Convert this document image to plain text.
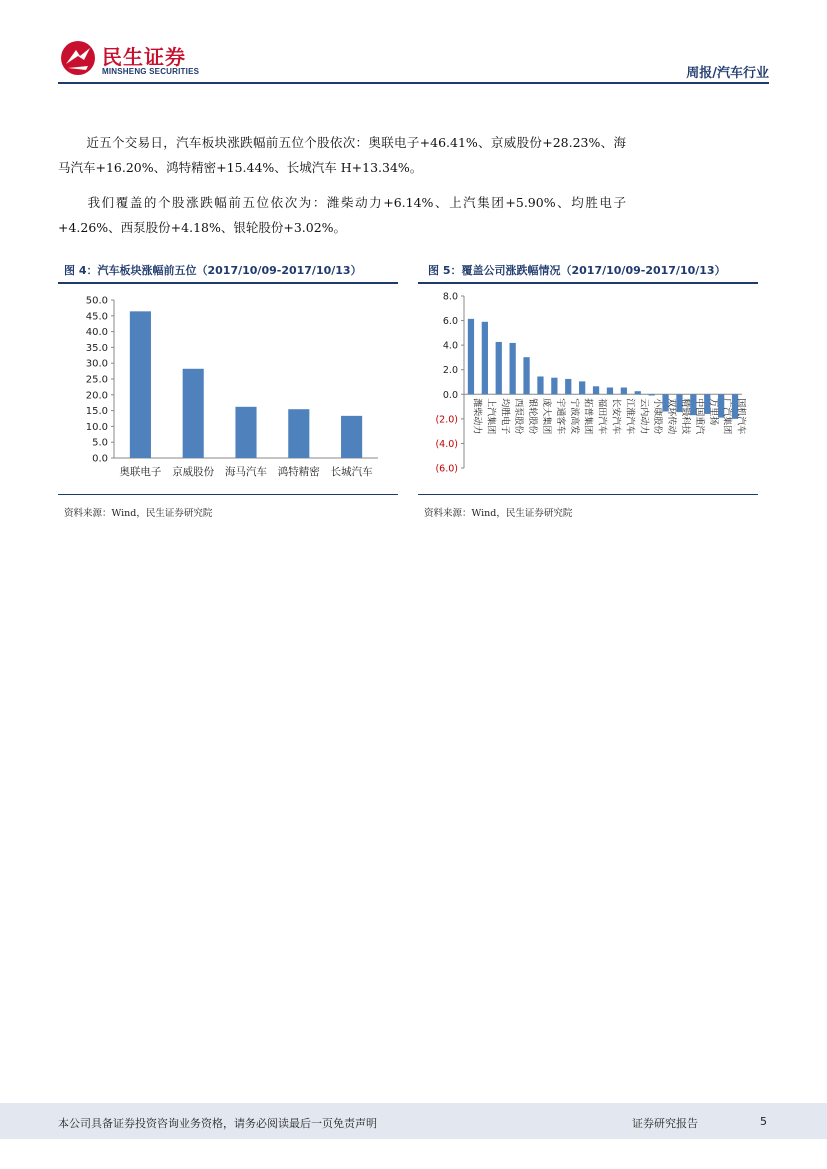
民生证券
MINSHENG SECURITIES	周报/汽车行业
近五个交易日，汽车板块涨跌幅前五位个股依次：奥联电子+46.41%、京威股份+28.23%、海马汽车+16.20%、鸿特精密+15.44%、长城汽车 H+13.34%。
我们覆盖的个股涨跌幅前五位依次为：潍柴动力+6.14%、上汽集团+5.90%、均胜电子+4.26%、西泵股份+4.18%、银轮股份+3.02%。
图 4：汽车板块涨幅前五位（2017/10/09-2017/10/13）
50.0
45.0
40.0
35.0
30.0
25.0
20.0
15.0
10.0
5.0
0.0
奥联电子 京威股份 海马汽车 鸿特精密 长城汽车
资料来源：Wind，民生证券研究院
图 5：覆盖公司涨跌幅情况（2017/10/09-2017/10/13）
8.0
6.0
4.0
2.0
0.0
(2.0)
(4.0)
(6.0)
潍柴动力 上汽集团 均胜电子 西泵股份 银轮股份 庞大集团 宇通客车 宁波高发 拓普集团 福田汽车 长安汽车 江淮汽车 云内动力 小康股份 双环传动 精锻科技 中国重汽 万里扬 广汽集团 国机汽车
资料来源：Wind，民生证券研究院
本公司具备证券投资咨询业务资格，请务必阅读最后一页免责声明	证券研究报告	5
